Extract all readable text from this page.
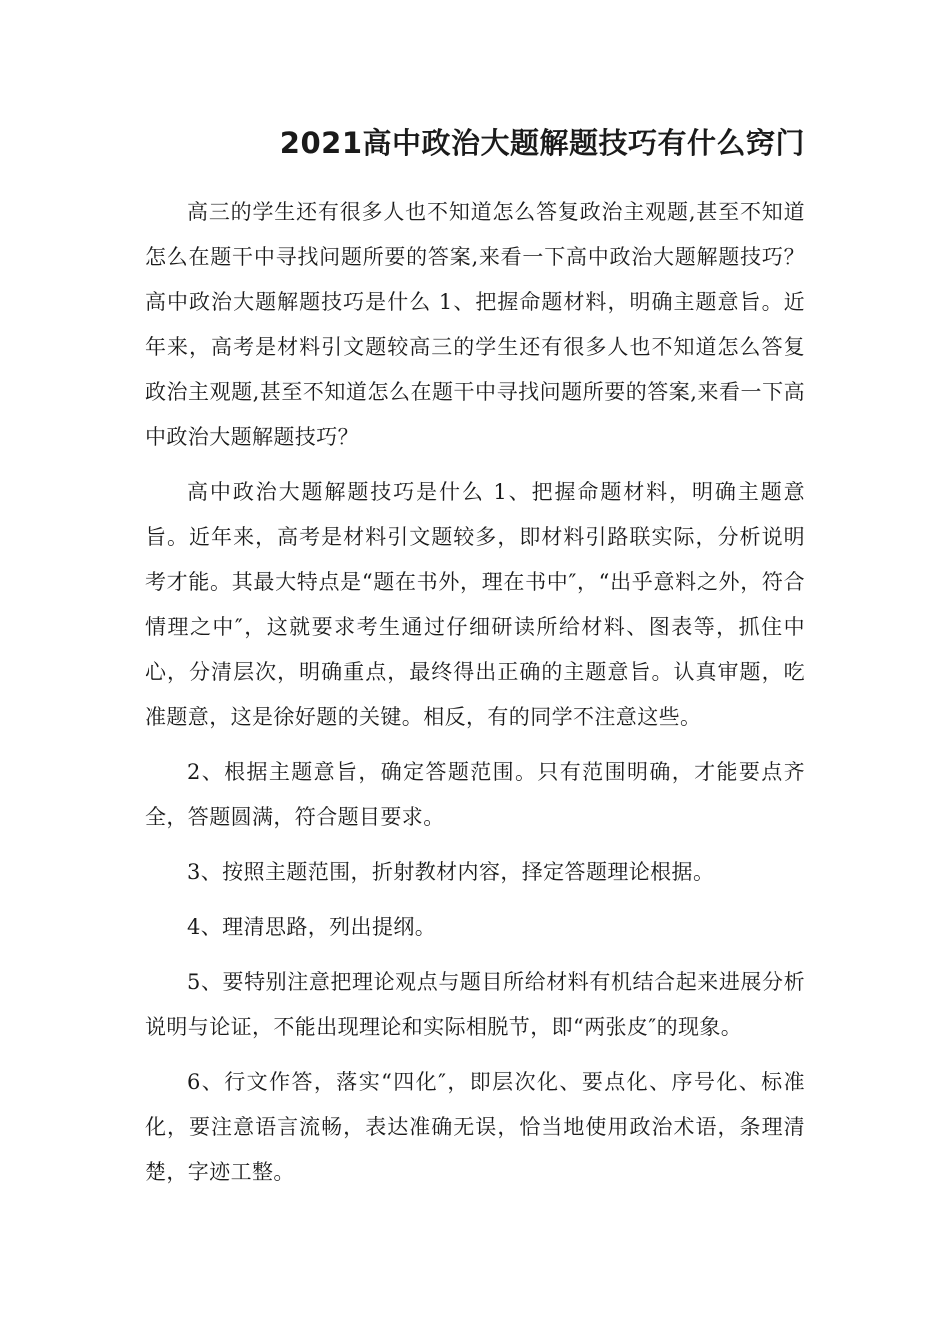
2021高中政治大题解题技巧有什么窍门

高三的学生还有很多人也不知道怎么答复政治主观题,甚至不知道怎么在题干中寻找问题所要的答案,来看一下高中政治大题解题技巧？高中政治大题解题技巧是什么 1、把握命题材料，明确主题意旨。近年来，高考是材料引文题较高三的学生还有很多人也不知道怎么答复政治主观题,甚至不知道怎么在题干中寻找问题所要的答案,来看一下高中政治大题解题技巧？

高中政治大题解题技巧是什么 1、把握命题材料，明确主题意旨。近年来，高考是材料引文题较多，即材料引路联实际，分析说明考才能。其最大特点是“题在书外，理在书中″，“出乎意料之外，符合情理之中″，这就要求考生通过仔细研读所给材料、图表等，抓住中心，分清层次，明确重点，最终得出正确的主题意旨。认真审题，吃准题意，这是徐好题的关键。相反，有的同学不注意这些。

2、根据主题意旨，确定答题范围。只有范围明确，才能要点齐全，答题圆满，符合题目要求。

3、按照主题范围，折射教材内容，择定答题理论根据。

4、理清思路，列出提纲。

5、要特别注意把理论观点与题目所给材料有机结合起来进展分析说明与论证，不能出现理论和实际相脱节，即“两张皮″的现象。

6、行文作答，落实“四化″，即层次化、要点化、序号化、标准化，要注意语言流畅，表达准确无误，恰当地使用政治术语，条理清楚，字迹工整。
